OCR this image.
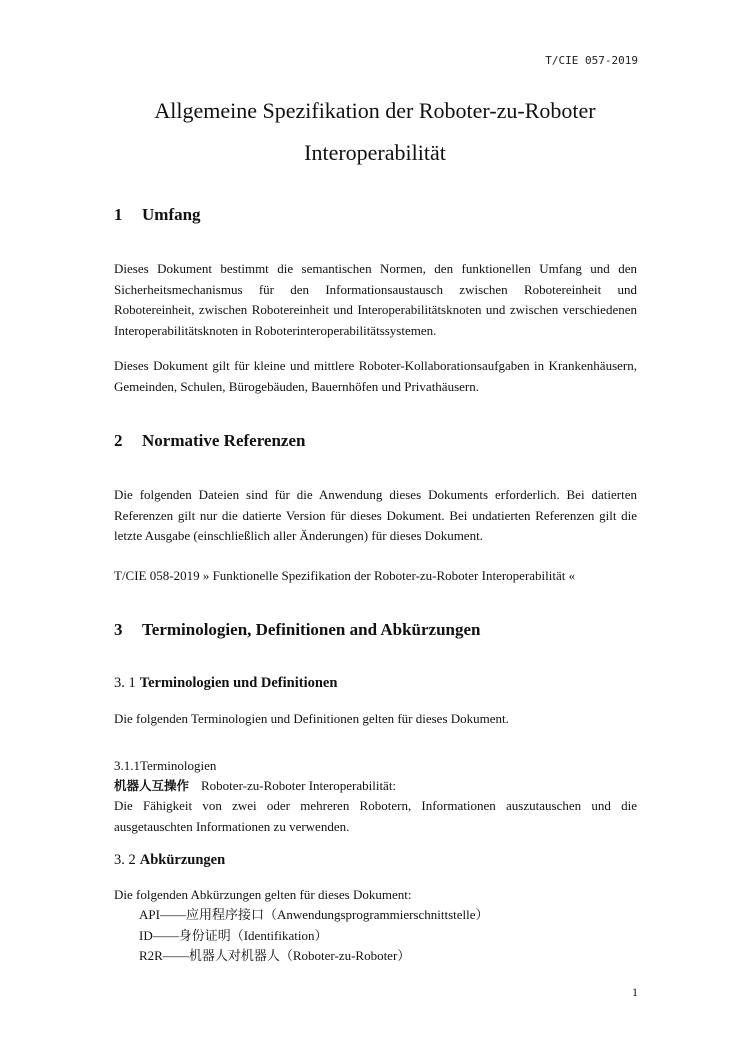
T/CIE 057-2019
Allgemeine Spezifikation der Roboter-zu-Roboter
Interoperabilität
1 Umfang

Dieses Dokument bestimmt die semantischen Normen, den funktionellen Umfang und den Sicherheitsmechanismus für den Informationsaustausch zwischen Robotereinheit und Robotereinheit, zwischen Robotereinheit und Interoperabilitätsknoten und zwischen verschiedenen Interoperabilitätsknoten in Roboterinteroperabilitätssystemen.

Dieses Dokument gilt für kleine und mittlere Roboter-Kollaborationsaufgaben in Krankenhäusern, Gemeinden, Schulen, Bürogebäuden, Bauernhöfen und Privathäusern.

2 Normative Referenzen

Die folgenden Dateien sind für die Anwendung dieses Dokuments erforderlich. Bei datierten Referenzen gilt nur die datierte Version für dieses Dokument. Bei undatierten Referenzen gilt die letzte Ausgabe (einschließlich aller Änderungen) für dieses Dokument.

T/CIE 058-2019 » Funktionelle Spezifikation der Roboter-zu-Roboter Interoperabilität «

3 Terminologien, Definitionen and Abkürzungen
3. 1 Terminologien und Definitionen

Die folgenden Terminologien und Definitionen gelten für dieses Dokument.

3.1.1Terminologien

机器人互操作 Roboter-zu-Roboter Interoperabilität:

Die Fähigkeit von zwei oder mehreren Robotern, Informationen auszutauschen und die ausgetauschten Informationen zu verwenden.

3. 2 Abkürzungen

Die folgenden Abkürzungen gelten für dieses Dokument:

API——应用程序接口（Anwendungsprogrammierschnittstelle）
ID——身份证明（Identifikation）
R2R——机器人对机器人（Roboter-zu-Roboter）
1
